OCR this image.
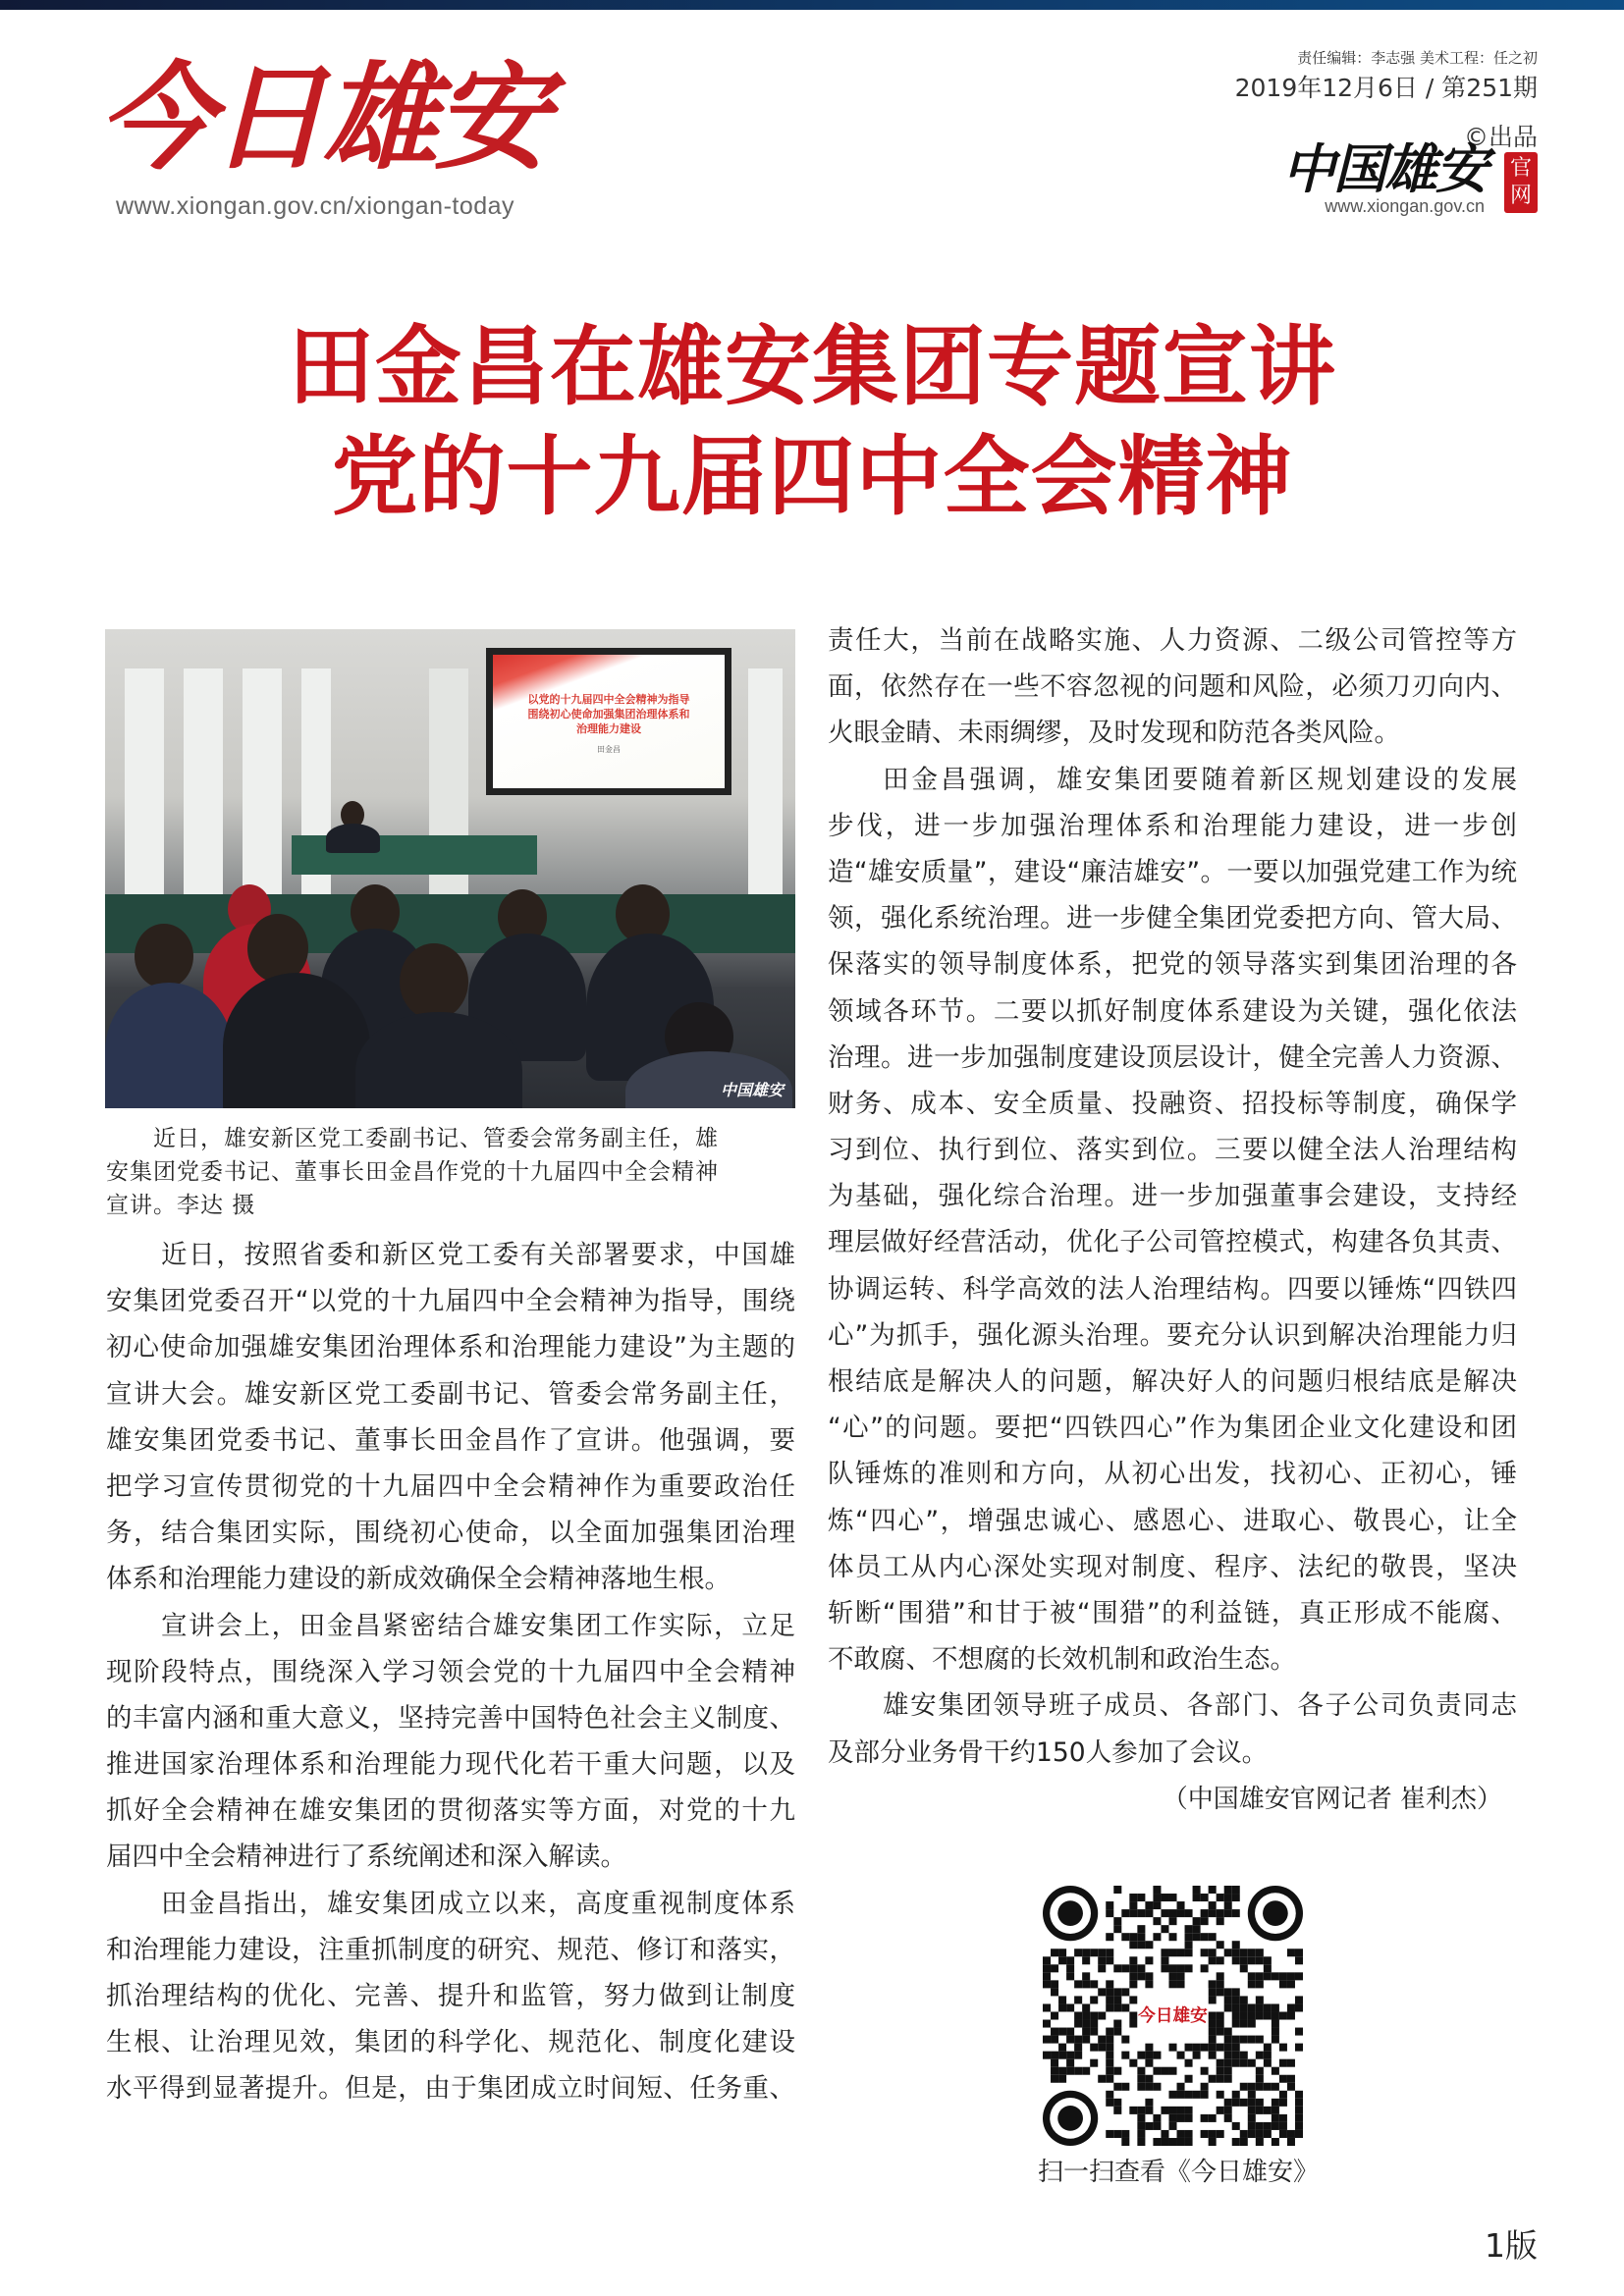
今日雄安
www.xiongan.gov.cn/xiongan-today
责任编辑：李志强 美术工程：任之初
2019年12月6日 / 第251期
©出品
中国雄安
www.xiongan.gov.cn
官网
田金昌在雄安集团专题宣讲
党的十九届四中全会精神
以党的十九届四中全会精神为指导
围绕初心使命加强集团治理体系和
治理能力建设
田金昌
中国雄安
　　近日，雄安新区党工委副书记、管委会常务副主任，雄
安集团党委书记、董事长田金昌作党的十九届四中全会精神
宣讲。李达 摄
近日，按照省委和新区党工委有关部署要求，中国雄
安集团党委召开“以党的十九届四中全会精神为指导，围绕
初心使命加强雄安集团治理体系和治理能力建设”为主题的
宣讲大会。雄安新区党工委副书记、管委会常务副主任，
雄安集团党委书记、董事长田金昌作了宣讲。他强调，要
把学习宣传贯彻党的十九届四中全会精神作为重要政治任
务，结合集团实际，围绕初心使命，以全面加强集团治理
体系和治理能力建设的新成效确保全会精神落地生根。
宣讲会上，田金昌紧密结合雄安集团工作实际，立足
现阶段特点，围绕深入学习领会党的十九届四中全会精神
的丰富内涵和重大意义，坚持完善中国特色社会主义制度、
推进国家治理体系和治理能力现代化若干重大问题，以及
抓好全会精神在雄安集团的贯彻落实等方面，对党的十九
届四中全会精神进行了系统阐述和深入解读。
田金昌指出，雄安集团成立以来，高度重视制度体系
和治理能力建设，注重抓制度的研究、规范、修订和落实，
抓治理结构的优化、完善、提升和监管，努力做到让制度
生根、让治理见效，集团的科学化、规范化、制度化建设
水平得到显著提升。但是，由于集团成立时间短、任务重、
责任大，当前在战略实施、人力资源、二级公司管控等方
面，依然存在一些不容忽视的问题和风险，必须刀刃向内、
火眼金睛、未雨绸缪，及时发现和防范各类风险。
田金昌强调，雄安集团要随着新区规划建设的发展
步伐，进一步加强治理体系和治理能力建设，进一步创
造“雄安质量”，建设“廉洁雄安”。一要以加强党建工作为统
领，强化系统治理。进一步健全集团党委把方向、管大局、
保落实的领导制度体系，把党的领导落实到集团治理的各
领域各环节。二要以抓好制度体系建设为关键，强化依法
治理。进一步加强制度建设顶层设计，健全完善人力资源、
财务、成本、安全质量、投融资、招投标等制度，确保学
习到位、执行到位、落实到位。三要以健全法人治理结构
为基础，强化综合治理。进一步加强董事会建设，支持经
理层做好经营活动，优化子公司管控模式，构建各负其责、
协调运转、科学高效的法人治理结构。四要以锤炼“四铁四
心”为抓手，强化源头治理。要充分认识到解决治理能力归
根结底是解决人的问题，解决好人的问题归根结底是解决
“心”的问题。要把“四铁四心”作为集团企业文化建设和团
队锤炼的准则和方向，从初心出发，找初心、正初心，锤
炼“四心”，增强忠诚心、感恩心、进取心、敬畏心，让全
体员工从内心深处实现对制度、程序、法纪的敬畏，坚决
斩断“围猎”和甘于被“围猎”的利益链，真正形成不能腐、
不敢腐、不想腐的长效机制和政治生态。
雄安集团领导班子成员、各部门、各子公司负责同志
及部分业务骨干约150人参加了会议。
（中国雄安官网记者 崔利杰）
今日雄安
扫一扫查看《今日雄安》
1版
